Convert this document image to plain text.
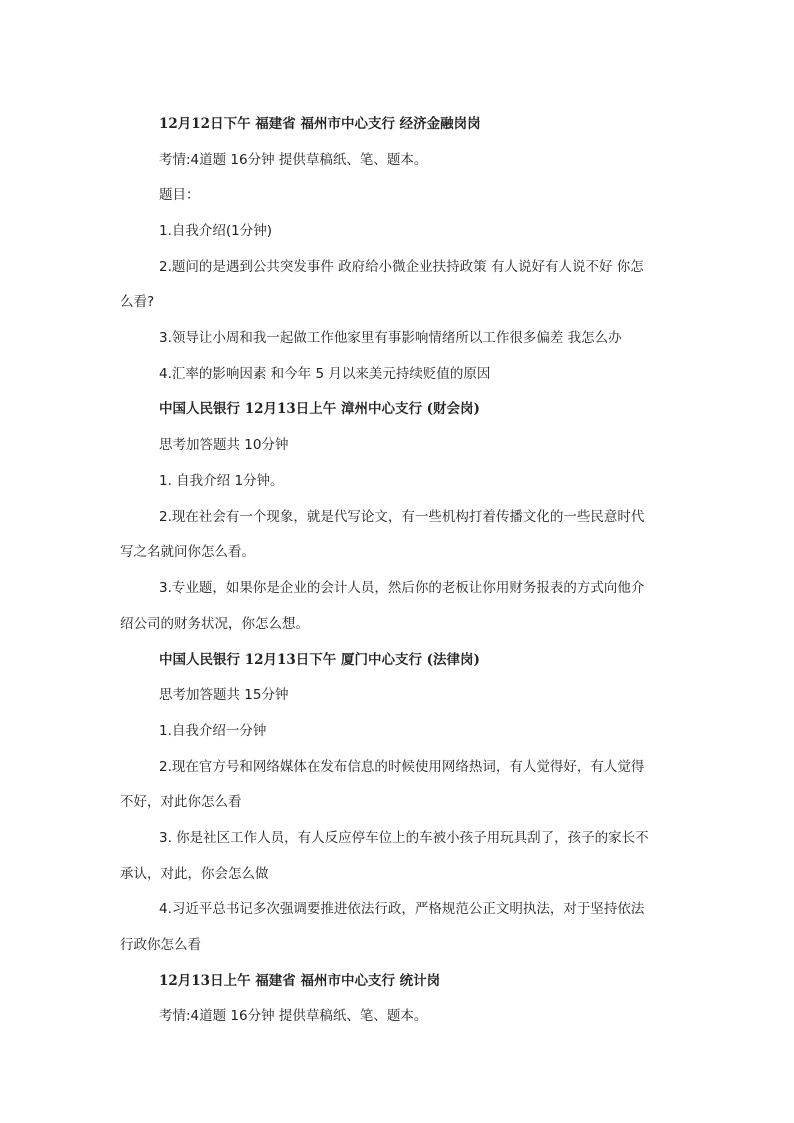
12月12日下午 福建省 福州市中心支行 经济金融岗岗
考情:4道题 16分钟 提供草稿纸、笔、题本。
题目：
1.自我介绍(1分钟)
2.题问的是遇到公共突发事件 政府给小微企业扶持政策 有人说好有人说不好 你怎
么看?
3.领导让小周和我一起做工作他家里有事影响情绪所以工作很多偏差 我怎么办
4.汇率的影响因素 和今年 5 月以来美元持续贬值的原因
中国人民银行 12月13日上午 漳州中心支行 (财会岗)
思考加答题共 10分钟
1. 自我介绍 1分钟。
2.现在社会有一个现象，就是代写论文，有一些机构打着传播文化的一些民意时代
写之名就问你怎么看。
3.专业题，如果你是企业的会计人员，然后你的老板让你用财务报表的方式向他介
绍公司的财务状况，你怎么想。
中国人民银行 12月13日下午 厦门中心支行 (法律岗)
思考加答题共 15分钟
1.自我介绍一分钟
2.现在官方号和网络媒体在发布信息的时候使用网络热词，有人觉得好，有人觉得
不好，对此你怎么看
3. 你是社区工作人员，有人反应停车位上的车被小孩子用玩具刮了，孩子的家长不
承认，对此，你会怎么做
4.习近平总书记多次强调要推进依法行政，严格规范公正文明执法，对于坚持依法
行政你怎么看
12月13日上午 福建省 福州市中心支行 统计岗
考情:4道题 16分钟 提供草稿纸、笔、题本。
